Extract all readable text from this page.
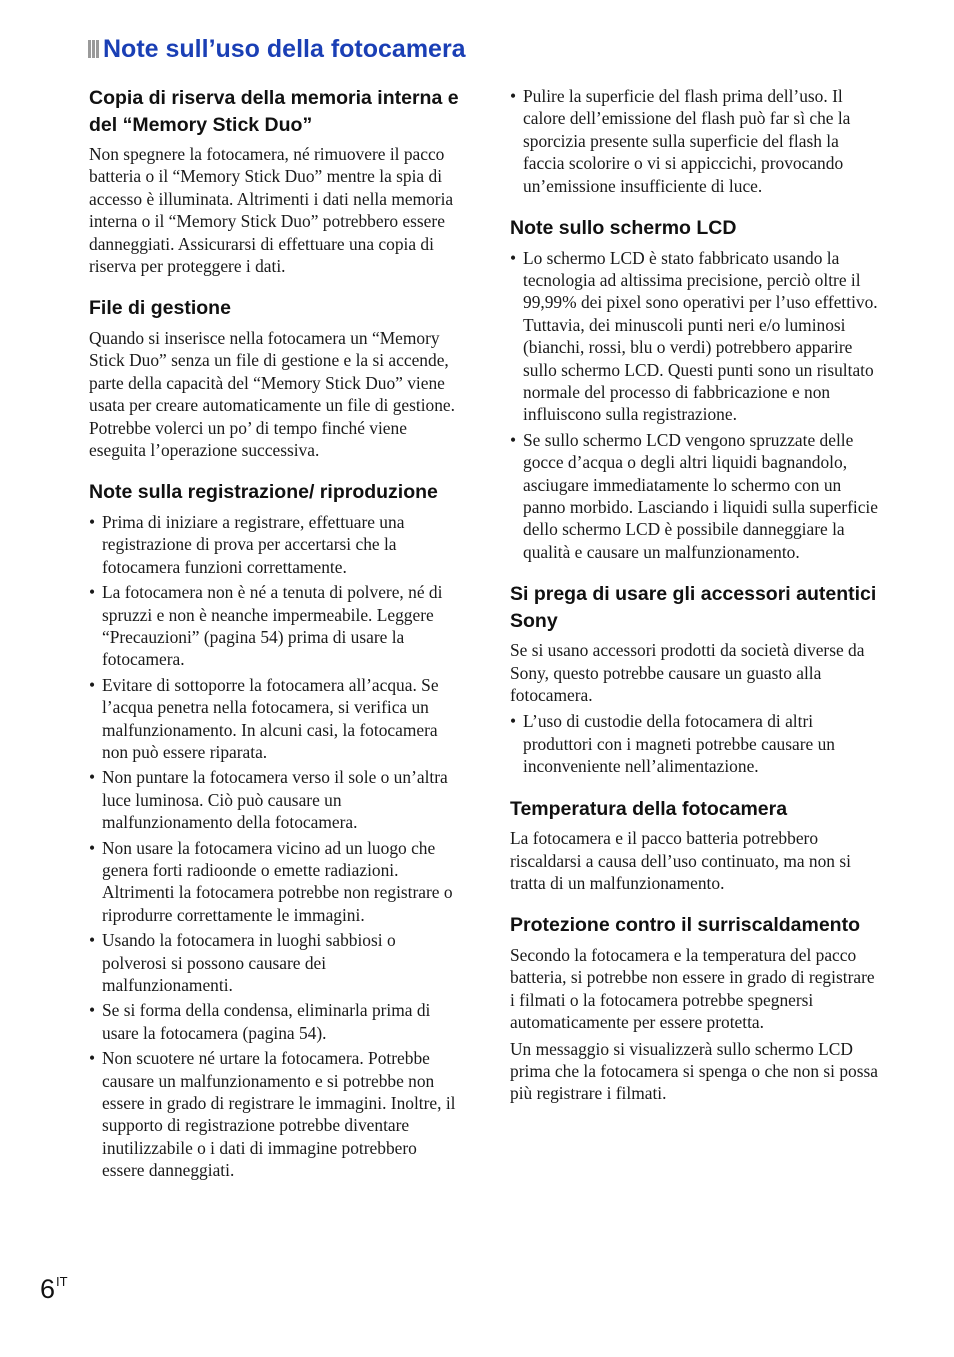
Note sull’uso della fotocamera
Copia di riserva della memoria interna e del “Memory Stick Duo”

Non spegnere la fotocamera, né rimuovere il pacco batteria o il “Memory Stick Duo” mentre la spia di accesso è illuminata. Altrimenti i dati nella memoria interna o il “Memory Stick Duo” potrebbero essere danneggiati. Assicurarsi di effettuare una copia di riserva per proteggere i dati.

File di gestione

Quando si inserisce nella fotocamera un “Memory Stick Duo” senza un file di gestione e la si accende, parte della capacità del “Memory Stick Duo” viene usata per creare automaticamente un file di gestione. Potrebbe volerci un po’ di tempo finché viene eseguita l’operazione successiva.

Note sulla registrazione/ riproduzione
• Prima di iniziare a registrare, effettuare una registrazione di prova per accertarsi che la fotocamera funzioni correttamente.
• La fotocamera non è né a tenuta di polvere, né di spruzzi e non è neanche impermeabile. Leggere “Precauzioni” (pagina 54) prima di usare la fotocamera.
• Evitare di sottoporre la fotocamera all’acqua. Se l’acqua penetra nella fotocamera, si verifica un malfunzionamento. In alcuni casi, la fotocamera non può essere riparata.
• Non puntare la fotocamera verso il sole o un’altra luce luminosa. Ciò può causare un malfunzionamento della fotocamera.
• Non usare la fotocamera vicino ad un luogo che genera forti radioonde o emette radiazioni. Altrimenti la fotocamera potrebbe non registrare o riprodurre correttamente le immagini.
• Usando la fotocamera in luoghi sabbiosi o polverosi si possono causare dei malfunzionamenti.
• Se si forma della condensa, eliminarla prima di usare la fotocamera (pagina 54).
• Non scuotere né urtare la fotocamera. Potrebbe causare un malfunzionamento e si potrebbe non essere in grado di registrare le immagini. Inoltre, il supporto di registrazione potrebbe diventare inutilizzabile o i dati di immagine potrebbero essere danneggiati.
• Pulire la superficie del flash prima dell’uso. Il calore dell’emissione del flash può far sì che la sporcizia presente sulla superficie del flash la faccia scolorire o vi si appiccichi, provocando un’emissione insufficiente di luce.
Note sullo schermo LCD
• Lo schermo LCD è stato fabbricato usando la tecnologia ad altissima precisione, perciò oltre il 99,99% dei pixel sono operativi per l’uso effettivo. Tuttavia, dei minuscoli punti neri e/o luminosi (bianchi, rossi, blu o verdi) potrebbero apparire sullo schermo LCD. Questi punti sono un risultato normale del processo di fabbricazione e non influiscono sulla registrazione.
• Se sullo schermo LCD vengono spruzzate delle gocce d’acqua o degli altri liquidi bagnandolo, asciugare immediatamente lo schermo con un panno morbido. Lasciando i liquidi sulla superficie dello schermo LCD è possibile danneggiare la qualità e causare un malfunzionamento.
Si prega di usare gli accessori autentici Sony

Se si usano accessori prodotti da società diverse da Sony, questo potrebbe causare un guasto alla fotocamera.

• L’uso di custodie della fotocamera di altri produttori con i magneti potrebbe causare un inconveniente nell’alimentazione.
Temperatura della fotocamera

La fotocamera e il pacco batteria potrebbero riscaldarsi a causa dell’uso continuato, ma non si tratta di un malfunzionamento.

Protezione contro il surriscaldamento

Secondo la fotocamera e la temperatura del pacco batteria, si potrebbe non essere in grado di registrare i filmati o la fotocamera potrebbe spegnersi automaticamente per essere protetta.

Un messaggio si visualizzerà sullo schermo LCD prima che la fotocamera si spenga o che non si possa più registrare i filmati.

$6^{IT}$
